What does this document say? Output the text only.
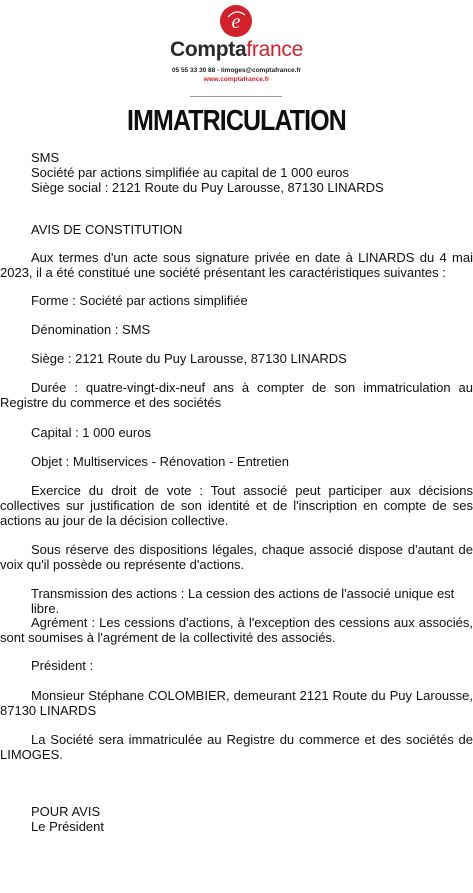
e
Comptafrance
05 55 33 30 88 - limoges@comptafrance.fr
www.comptafrance.fr
IMMATRICULATION

SMS

Société par actions simplifiée au capital de 1 000 euros

Siège social : 2121 Route du Puy Larousse, 87130 LINARDS

AVIS DE CONSTITUTION

Aux termes d'un acte sous signature privée en date à LINARDS du 4 mai 2023, il a été constitué une société présentant les caractéristiques suivantes :

Forme : Société par actions simplifiée

Dénomination : SMS

Siège : 2121 Route du Puy Larousse, 87130 LINARDS

Durée : quatre-vingt-dix-neuf ans à compter de son immatriculation au Registre du commerce et des sociétés

Capital : 1 000 euros

Objet : Multiservices - Rénovation - Entretien

Exercice du droit de vote : Tout associé peut participer aux décisions collectives sur justification de son identité et de l'inscription en compte de ses actions au jour de la décision collective.

Sous réserve des dispositions légales, chaque associé dispose d'autant de voix qu'il possède ou représente d'actions.

Transmission des actions : La cession des actions de l'associé unique est libre.

Agrément : Les cessions d'actions, à l'exception des cessions aux associés, sont soumises à l'agrément de la collectivité des associés.

Président :

Monsieur Stéphane COLOMBIER, demeurant 2121 Route du Puy Larousse, 87130 LINARDS

La Société sera immatriculée au Registre du commerce et des sociétés de LIMOGES.

POUR AVIS

Le Président
